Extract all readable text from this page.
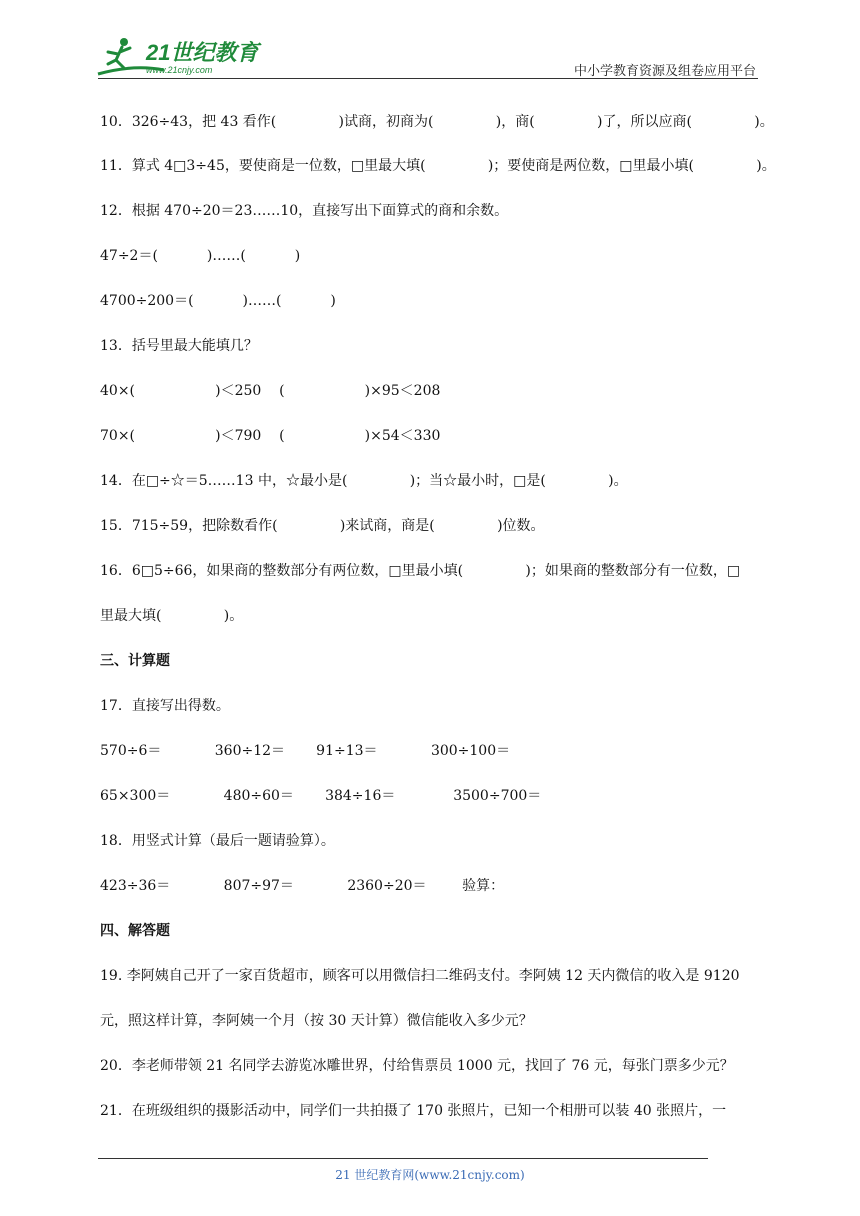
21世纪教育
www.21cnjy.com	中小学教育资源及组卷应用平台
10．326÷43，把 43 看作(              )试商，初商为(              )，商(              )了，所以应商(              )。
11．算式 4□3÷45，要使商是一位数，□里最大填(              )；要使商是两位数，□里最小填(              )。
12．根据 470÷20＝23……10，直接写出下面算式的商和余数。
47÷2＝(           )……(           )
4700÷200＝(           )……(           )
13．括号里最大能填几？
40×(                  )＜250    (                  )×95＜208
70×(                  )＜790    (                  )×54＜330
14．在□÷☆＝5……13 中，☆最小是(              )；当☆最小时，□是(              )。
15．715÷59，把除数看作(              )来试商，商是(              )位数。
16．6□5÷66，如果商的整数部分有两位数，□里最小填(              )；如果商的整数部分有一位数，□
里最大填(              )。
三、计算题
17．直接写出得数。
570÷6＝            360÷12＝       91÷13＝            300÷100＝
65×300＝            480÷60＝       384÷16＝             3500÷700＝
18．用竖式计算（最后一题请验算）。
423÷36＝            807÷97＝            2360÷20＝        验算：
四、解答题
19. 李阿姨自己开了一家百货超市，顾客可以用微信扫二维码支付。李阿姨 12 天内微信的收入是 9120
元，照这样计算，李阿姨一个月（按 30 天计算）微信能收入多少元？
20．李老师带领 21 名同学去游览冰雕世界，付给售票员 1000 元，找回了 76 元，每张门票多少元？
21．在班级组织的摄影活动中，同学们一共拍摄了 170 张照片，已知一个相册可以装 40 张照片，一
21 世纪教育网(www.21cnjy.com)
